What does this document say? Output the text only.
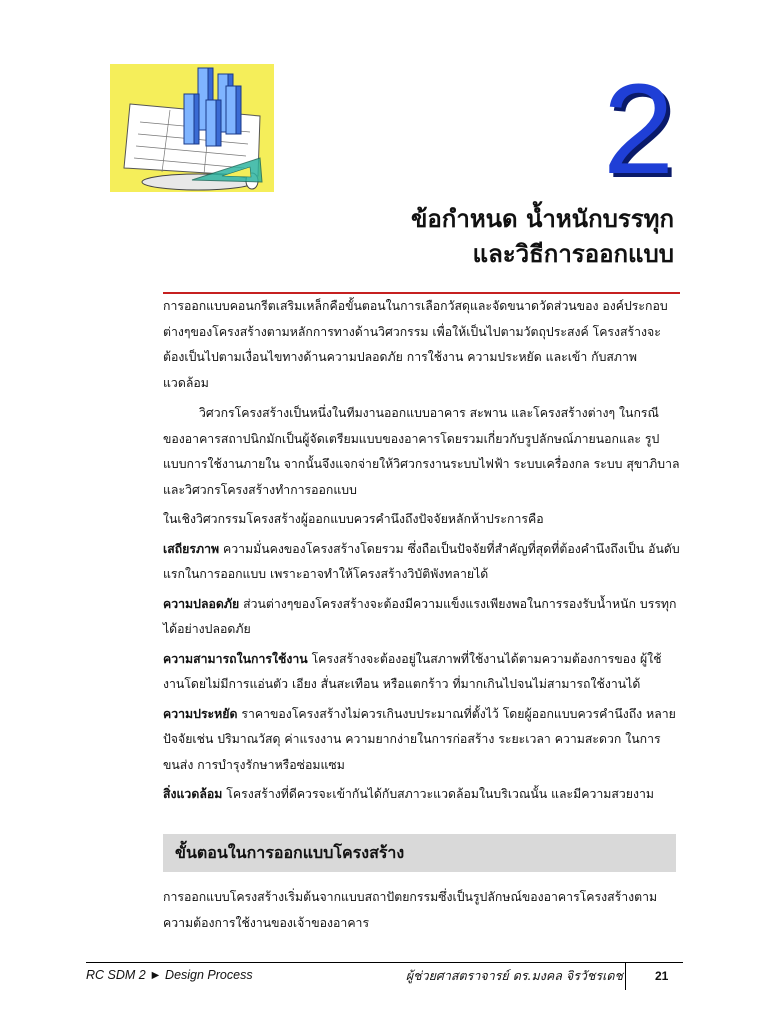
2
ข้อกำหนด น้ำหนักบรรทุก
และวิธีการออกแบบ

การออกแบบคอนกรีตเสริมเหล็กคือขั้นตอนในการเลือกวัสดุและจัดขนาดวัดส่วนของ องค์ประกอบต่างๆของโครงสร้างตามหลักการทางด้านวิศวกรรม เพื่อให้เป็นไปตามวัตถุประสงค์ โครงสร้างจะต้องเป็นไปตามเงื่อนไขทางด้านความปลอดภัย การใช้งาน ความประหยัด และเข้า กับสภาพแวดล้อม

วิศวกรโครงสร้างเป็นหนึ่งในทีมงานออกแบบอาคาร สะพาน และโครงสร้างต่างๆ ในกรณี ของอาคารสถาปนิกมักเป็นผู้จัดเตรียมแบบของอาคารโดยรวมเกี่ยวกับรูปลักษณ์ภายนอกและ รูปแบบการใช้งานภายใน จากนั้นจึงแจกจ่ายให้วิศวกรงานระบบไฟฟ้า ระบบเครื่องกล ระบบ สุขาภิบาล และวิศวกรโครงสร้างทำการออกแบบ

ในเชิงวิศวกรรมโครงสร้างผู้ออกแบบควรคำนึงถึงปัจจัยหลักห้าประการคือ

เสถียรภาพ ความมั่นคงของโครงสร้างโดยรวม ซึ่งถือเป็นปัจจัยที่สำคัญที่สุดที่ต้องคำนึงถึงเป็น อันดับแรกในการออกแบบ เพราะอาจทำให้โครงสร้างวิบัติพังทลายได้

ความปลอดภัย ส่วนต่างๆของโครงสร้างจะต้องมีความแข็งแรงเพียงพอในการรองรับน้ำหนัก บรรทุกได้อย่างปลอดภัย

ความสามารถในการใช้งาน โครงสร้างจะต้องอยู่ในสภาพที่ใช้งานได้ตามความต้องการของ ผู้ใช้งานโดยไม่มีการแอ่นตัว เอียง สั่นสะเทือน หรือแตกร้าว ที่มากเกินไปจนไม่สามารถใช้งานได้

ความประหยัด ราคาของโครงสร้างไม่ควรเกินงบประมาณที่ตั้งไว้ โดยผู้ออกแบบควรคำนึงถึง หลายปัจจัยเช่น ปริมาณวัสดุ ค่าแรงงาน ความยากง่ายในการก่อสร้าง ระยะเวลา ความสะดวก ในการขนส่ง การบำรุงรักษาหรือซ่อมแซม

สิ่งแวดล้อม โครงสร้างที่ดีควรจะเข้ากันได้กับสภาวะแวดล้อมในบริเวณนั้น และมีความสวยงาม

ขั้นตอนในการออกแบบโครงสร้าง
การออกแบบโครงสร้างเริ่มต้นจากแบบสถาปัตยกรรมซึ่งเป็นรูปลักษณ์ของอาคารโครงสร้างตาม ความต้องการใช้งานของเจ้าของอาคาร
RC SDM 2 ► Design Process	ผู้ช่วยศาสตราจารย์ ดร.มงคล จิรวัชรเดช	21
